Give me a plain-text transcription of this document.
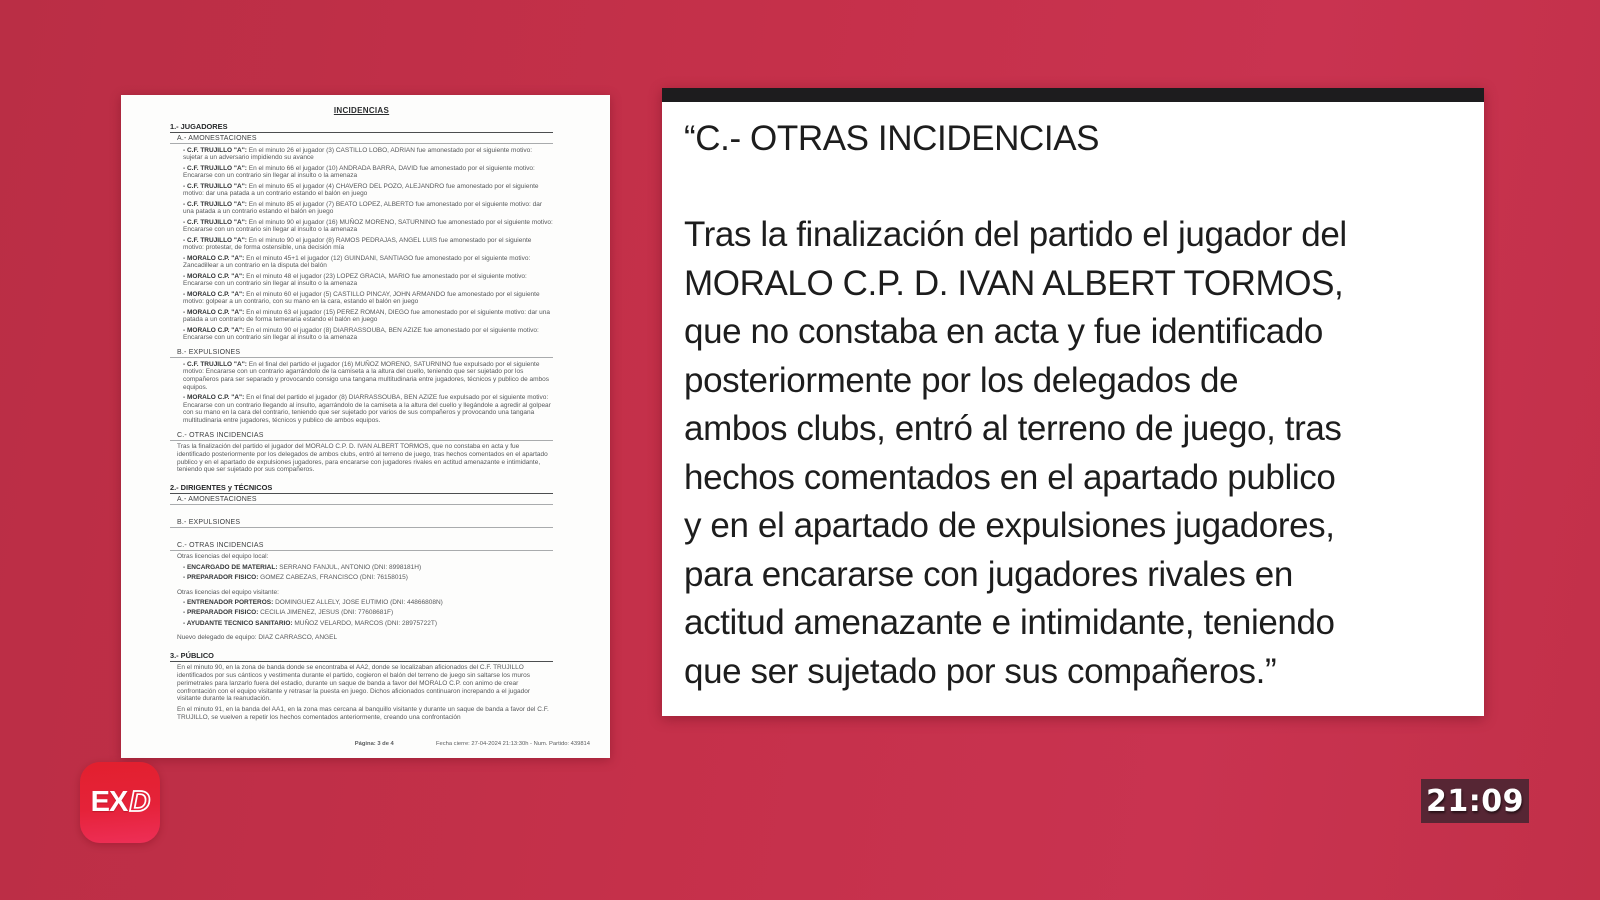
INCIDENCIAS
1.- JUGADORES
A.- AMONESTACIONES
- C.F. TRUJILLO "A": En el minuto 26 el jugador (3) CASTILLO LOBO, ADRIAN fue amonestado por el siguiente motivo: sujetar a un adversario impidiendo su avance
- C.F. TRUJILLO "A": En el minuto 66 el jugador (10) ANDRADA BARRA, DAVID fue amonestado por el siguiente motivo: Encararse con un contrario sin llegar al insulto o la amenaza
- C.F. TRUJILLO "A": En el minuto 65 el jugador (4) CHAVERO DEL POZO, ALEJANDRO fue amonestado por el siguiente motivo: dar una patada a un contrario estando el balón en juego
- C.F. TRUJILLO "A": En el minuto 85 el jugador (7) BEATO LOPEZ, ALBERTO fue amonestado por el siguiente motivo: dar una patada a un contrario estando el balón en juego
- C.F. TRUJILLO "A": En el minuto 90 el jugador (16) MUÑOZ MORENO, SATURNINO fue amonestado por el siguiente motivo: Encararse con un contrario sin llegar al insulto o la amenaza
- C.F. TRUJILLO "A": En el minuto 90 el jugador (8) RAMOS PEDRAJAS, ANGEL LUIS fue amonestado por el siguiente motivo: protestar, de forma ostensible, una decisión mía
- MORALO C.P. "A": En el minuto 45+1 el jugador (12) GUINDANI, SANTIAGO fue amonestado por el siguiente motivo: Zancadillear a un contrario en la disputa del balón
- MORALO C.P. "A": En el minuto 48 el jugador (23) LOPEZ GRACIA, MARIO fue amonestado por el siguiente motivo: Encararse con un contrario sin llegar al insulto o la amenaza
- MORALO C.P. "A": En el minuto 60 el jugador (5) CASTILLO PINCAY, JOHN ARMANDO fue amonestado por el siguiente motivo: golpear a un contrario, con su mano en la cara, estando el balón en juego
- MORALO C.P. "A": En el minuto 63 el jugador (15) PEREZ ROMAN, DIEGO fue amonestado por el siguiente motivo: dar una patada a un contrario de forma temeraria estando el balón en juego
- MORALO C.P. "A": En el minuto 90 el jugador (8) DIARRASSOUBA, BEN AZIZE fue amonestado por el siguiente motivo: Encararse con un contrario sin llegar al insulto o la amenaza
B.- EXPULSIONES
- C.F. TRUJILLO "A": En el final del partido el jugador (16) MUÑOZ MORENO, SATURNINO fue expulsado por el siguiente motivo: Encararse con un contrario agarrándolo de la camiseta a la altura del cuello, teniendo que ser sujetado por los compañeros para ser separado y provocando consigo una tangana multitudinaria entre jugadores, técnicos y publico de ambos equipos.
- MORALO C.P. "A": En el final del partido el jugador (8) DIARRASSOUBA, BEN AZIZE fue expulsado por el siguiente motivo: Encararse con un contrario llegando al insulto, agarrándolo de la camiseta a la altura del cuello y llegándole a agredir al golpear con su mano en la cara del contrario, teniendo que ser sujetado por varios de sus compañeros y provocando una tangana multitudinaria entre jugadores, técnicos y publico de ambos equipos.
C.- OTRAS INCIDENCIAS
Tras la finalización del partido el jugador del MORALO C.P. D. IVAN ALBERT TORMOS, que no constaba en acta y fue identificado posteriormente por los delegados de ambos clubs, entró al terreno de juego, tras hechos comentados en el apartado publico y en el apartado de expulsiones jugadores, para encararse con jugadores rivales en actitud amenazante e intimidante, teniendo que ser sujetado por sus compañeros.
2.- DIRIGENTES y TÉCNICOS
A.- AMONESTACIONES
B.- EXPULSIONES
C.- OTRAS INCIDENCIAS
Otras licencias del equipo local:
- ENCARGADO DE MATERIAL: SERRANO FANJUL, ANTONIO (DNI: 8998181H)
- PREPARADOR FISICO: GOMEZ CABEZAS, FRANCISCO (DNI: 76158015)
Otras licencias del equipo visitante:
- ENTRENADOR PORTEROS: DOMINGUEZ ALLELY, JOSE EUTIMIO (DNI: 44866808N)
- PREPARADOR FISICO: CECILIA JIMENEZ, JESUS (DNI: 77608681F)
- AYUDANTE TECNICO SANITARIO: MUÑOZ VELARDO, MARCOS (DNI: 28975722T)
Nuevo delegado de equipo: DIAZ CARRASCO, ANGEL
3.- PÚBLICO
En el minuto 90, en la zona de banda donde se encontraba el AA2, donde se localizaban aficionados del C.F. TRUJILLO identificados por sus cánticos y vestimenta durante el partido, cogieron el balón del terreno de juego sin saltarse los muros perimetrales para lanzarlo fuera del estadio, durante un saque de banda a favor del MORALO C.P. con animo de crear confrontación con el equipo visitante y retrasar la puesta en juego. Dichos aficionados continuaron increpando a el jugador visitante durante la reanudación.
En el minuto 91, en la banda del AA1, en la zona mas cercana al banquillo visitante y durante un saque de banda a favor del C.F. TRUJILLO, se vuelven a repetir los hechos comentados anteriormente, creando una confrontación
Página: 3 de 4	Fecha cierre: 27-04-2024 21:13:30h - Num. Partido: 439814
“C.- OTRAS INCIDENCIAS
Tras la finalización del partido el jugador del
MORALO C.P. D. IVAN ALBERT TORMOS,
que no constaba en acta y fue identificado
posteriormente por los delegados de
ambos clubs, entró al terreno de juego, tras
hechos comentados en el apartado publico
y en el apartado de expulsiones jugadores,
para encararse con jugadores rivales en
actitud amenazante e intimidante, teniendo
que ser sujetado por sus compañeros.”
EXD	21:09
